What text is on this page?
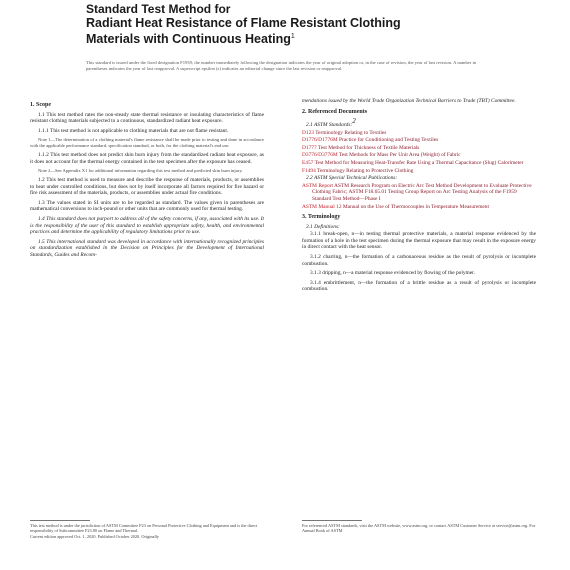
Standard Test Method for
Radiant Heat Resistance of Flame Resistant Clothing
Materials with Continuous Heating$^1$
This standard is issued under the fixed designation F1939; the number immediately following the designation indicates the year of original adoption or, in the case of revision, the year of last revision. A number in parentheses indicates the year of last reapproval. A superscript epsilon (ε) indicates an editorial change since the last revision or reapproval.
1. Scope
1.1 This test method rates the non-steady state thermal resistance or insulating characteristics of flame resistant clothing materials subjected to a continuous, standardized radiant heat exposure.
1.1.1 This test method is not applicable to clothing materials that are not flame resistant.
Note 1—The determination of a clothing material's flame resistance shall be made prior to testing and done in accordance with the applicable performance standard, specification standard, or both, for the clothing material's end use.
1.1.2 This test method does not predict skin burn injury from the standardized radiant heat exposure, as it does not account for the thermal energy contained in the test specimen after the exposure has ceased.
Note 2—See Appendix X1 for additional information regarding this test method and predicted skin burn injury.
1.2 This test method is used to measure and describe the response of materials, products, or assemblies to heat under controlled conditions, but does not by itself incorporate all factors required for fire hazard or fire risk assessment of the materials, products, or assemblies under actual fire conditions.
1.3 The values stated in SI units are to be regarded as standard. The values given in parentheses are mathematical conversions to inch-pound or other units that are commonly used for thermal testing.
1.4 This standard does not purport to address all of the safety concerns, if any, associated with its use. It is the responsibility of the user of this standard to establish appropriate safety, health, and environmental practices and determine the applicability of regulatory limitations prior to use.
1.5 This international standard was developed in accordance with internationally recognized principles on standardization established in the Decision on Principles for the Development of International Standards, Guides and Recom-
mendations issued by the World Trade Organization Technical Barriers to Trade (TBT) Committee.
2. Referenced Documents
2.1 ASTM Standards:2
D123 Terminology Relating to Textiles
D1776/D1776M Practice for Conditioning and Testing Textiles
D1777 Test Method for Thickness of Textile Materials
D3776/D3776M Test Methods for Mass Per Unit Area (Weight) of Fabric
E457 Test Method for Measuring Heat-Transfer Rate Using a Thermal Capacitance (Slug) Calorimeter
F1494 Terminology Relating to Protective Clothing
2.2 ASTM Special Technical Publications:
ASTM Report ASTM Research Program on Electric Arc Test Method Development to Evaluate Protective Clothing Fabric; ASTM F18.65.01 Testing Group Report on Arc Testing Analysis of the F1959 Standard Test Method—Phase I
ASTM Manual 12 Manual on the Use of Thermocouples in Temperature Measurement
3. Terminology
3.1 Definitions:
3.1.1 break-open, n—in testing thermal protective materials, a material response evidenced by the formation of a hole in the test specimen during the thermal exposure that may result in the exposure energy in direct contact with the heat sensor.
3.1.2 charring, n—the formation of a carbonaceous residue as the result of pyrolysis or incomplete combustion.
3.1.3 dripping, n—a material response evidenced by flowing of the polymer.
3.1.4 embrittlement, n—the formation of a brittle residue as a result of pyrolysis or incomplete combustion.
This test method is under the jurisdiction of ASTM Committee F23 on Personal Protective Clothing and Equipment and is the direct responsibility of Subcommittee F23.80 on Flame and Thermal.
Current edition approved Oct. 1, 2020. Published October 2020. Originally
For referenced ASTM standards, visit the ASTM website, www.astm.org, or contact ASTM Customer Service at service@astm.org. For Annual Book of ASTM
